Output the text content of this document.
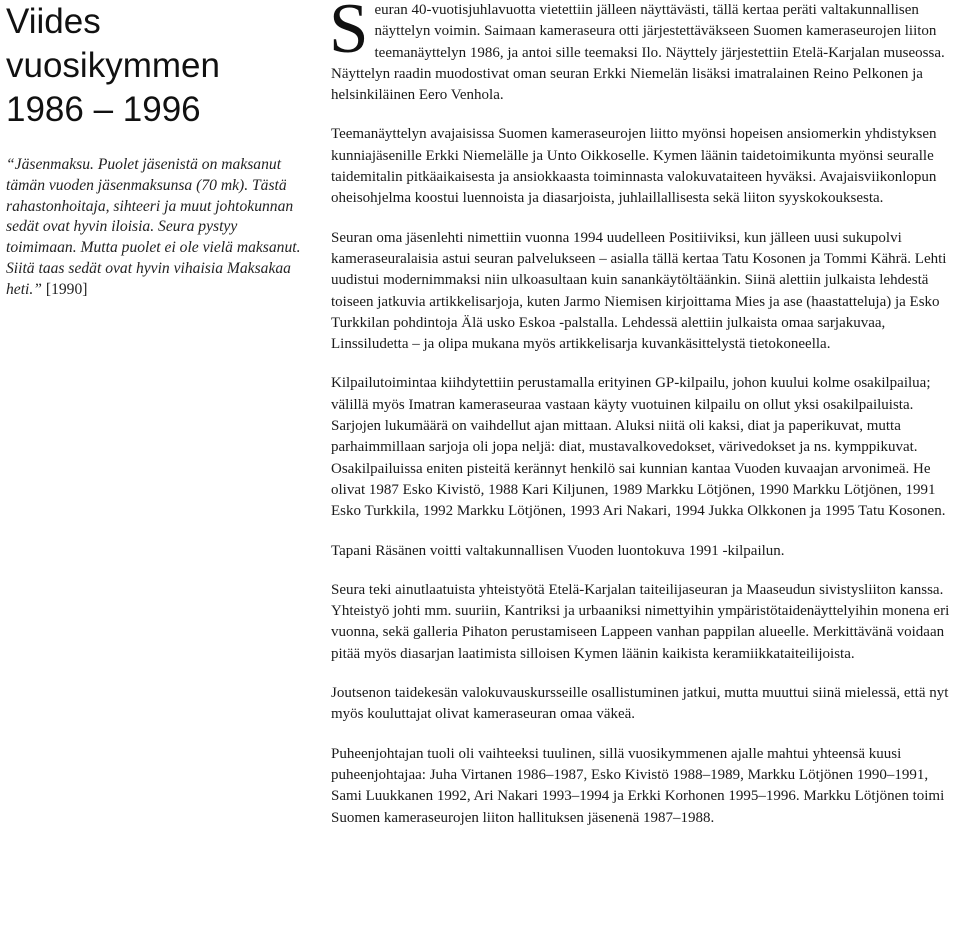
Viides
vuosikymmen
1986 – 1996
“Jäsenmaksu. Puolet jäsenistä on maksanut tämän vuoden jäsenmaksunsa (70 mk). Tästä rahastonhoitaja, sihteeri ja muut johtokunnan sedät ovat hyvin iloisia. Seura pystyy toimimaan. Mutta puolet ei ole vielä maksanut. Siitä taas sedät ovat hyvin vihaisia Maksakaa heti.” [1990]

Seuran 40-vuotisjuhlavuotta vietettiin jälleen näyttävästi, tällä kertaa peräti valtakunnallisen näyttelyn voimin. Saimaan kameraseura otti järjestettäväkseen Suomen kameraseurojen liiton teemanäyttelyn 1986, ja antoi sille teemaksi Ilo. Näyttely järjestettiin Etelä-Karjalan museossa. Näyttelyn raadin muodostivat oman seuran Erkki Niemelän lisäksi imatralainen Reino Pelkonen ja helsinkiläinen Eero Venhola.

Teemanäyttelyn avajaisissa Suomen kameraseurojen liitto myönsi hopeisen ansiomerkin yhdistyksen kunniajäsenille Erkki Niemelälle ja Unto Oikkoselle. Kymen läänin taidetoimikunta myönsi seuralle taidemitalin pitkäaikaisesta ja ansiokkaasta toiminnasta valokuvataiteen hyväksi. Avajaisviikonlopun oheisohjelma koostui luennoista ja diasarjoista, juhlaillallisesta sekä liiton syyskokouksesta.

Seuran oma jäsenlehti nimettiin vuonna 1994 uudelleen Positiiviksi, kun jälleen uusi sukupolvi kameraseuralaisia astui seuran palvelukseen – asialla tällä kertaa Tatu Kosonen ja Tommi Kährä. Lehti uudistui modernimmaksi niin ulkoasultaan kuin sanankäytöltäänkin. Siinä alettiin julkaista lehdestä toiseen jatkuvia artikkelisarjoja, kuten Jarmo Niemisen kirjoittama Mies ja ase (haastatteluja) ja Esko Turkkilan pohdintoja Älä usko Eskoa -palstalla. Lehdessä alettiin julkaista omaa sarjakuvaa, Linssiludetta – ja olipa mukana myös artikkelisarja kuvankäsittelystä tietokoneella.

Kilpailutoimintaa kiihdytettiin perustamalla erityinen GP-kilpailu, johon kuului kolme osakilpailua; välillä myös Imatran kameraseuraa vastaan käyty vuotuinen kilpailu on ollut yksi osakilpailuista. Sarjojen lukumäärä on vaihdellut ajan mittaan. Aluksi niitä oli kaksi, diat ja paperikuvat, mutta parhaimmillaan sarjoja oli jopa neljä: diat, mustavalkovedokset, värivedokset ja ns. kymppikuvat. Osakilpailuissa eniten pisteitä kerännyt henkilö sai kunnian kantaa Vuoden kuvaajan arvonimeä. He olivat 1987 Esko Kivistö, 1988 Kari Kiljunen, 1989 Markku Lötjönen, 1990 Markku Lötjönen, 1991 Esko Turkkila, 1992 Markku Lötjönen, 1993 Ari Nakari, 1994 Jukka Olkkonen ja 1995 Tatu Kosonen.

Tapani Räsänen voitti valtakunnallisen Vuoden luontokuva 1991 -kilpailun.

Seura teki ainutlaatuista yhteistyötä Etelä-Karjalan taiteilijaseuran ja Maaseudun sivistysliiton kanssa. Yhteistyö johti mm. suuriin, Kantriksi ja urbaaniksi nimettyihin ympäristötaidenäyttelyihin monena eri vuonna, sekä galleria Pihaton perustamiseen Lappeen vanhan pappilan alueelle. Merkittävänä voidaan pitää myös diasarjan laatimista silloisen Kymen läänin kaikista keramiikkataiteilijoista.

Joutsenon taidekesän valokuvauskursseille osallistuminen jatkui, mutta muuttui siinä mielessä, että nyt myös kouluttajat olivat kameraseuran omaa väkeä.

Puheenjohtajan tuoli oli vaihteeksi tuulinen, sillä vuosikymmenen ajalle mahtui yhteensä kuusi puheenjohtajaa: Juha Virtanen 1986–1987, Esko Kivistö 1988–1989, Markku Lötjönen 1990–1991, Sami Luukkanen 1992, Ari Nakari 1993–1994 ja Erkki Korhonen 1995–1996. Markku Lötjönen toimi Suomen kameraseurojen liiton hallituksen jäsenenä 1987–1988.
